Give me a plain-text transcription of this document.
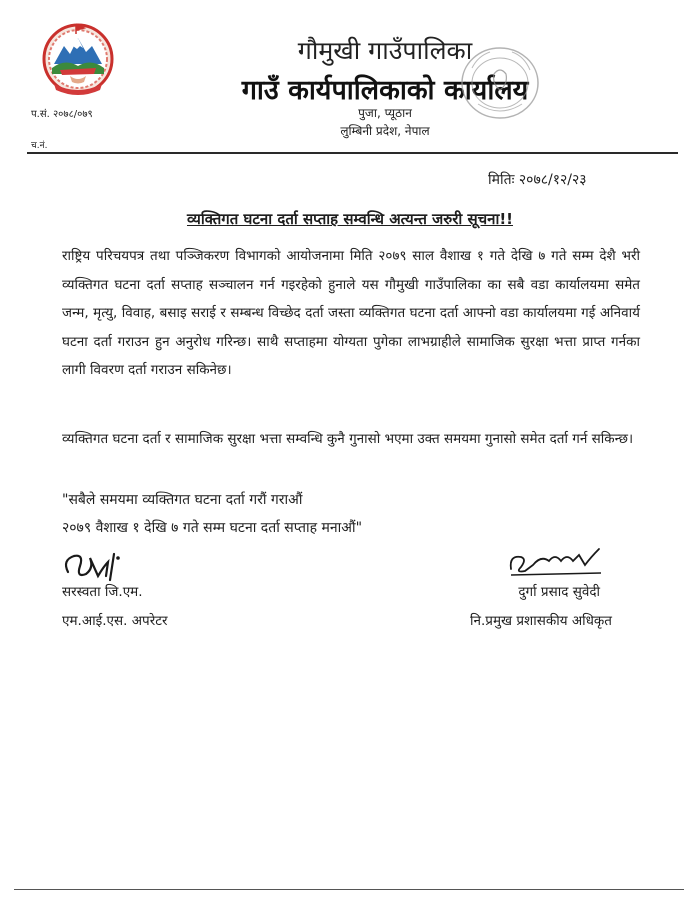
गौमुखी गाउँपालिका
गाउँ कार्यपालिकाको कार्यालय
पुजा, प्यूठान
लुम्बिनी प्रदेश, नेपाल
प.सं. २०७८/०७९
च.नं.
मितिः २०७८/१२/२३
व्यक्तिगत घटना दर्ता सप्ताह सम्वन्धि अत्यन्त जरुरी सूचना!!
राष्ट्रिय परिचयपत्र तथा पञ्जिकरण विभागको आयोजनामा मिति २०७९ साल वैशाख १ गते देखि ७ गते सम्म देशै भरी व्यक्तिगत घटना दर्ता सप्ताह सञ्चालन गर्न गइरहेको हुनाले यस गौमुखी गाउँपालिका का सबै वडा कार्यालयमा समेत जन्म, मृत्यु, विवाह, बसाइ सराई र सम्बन्ध विच्छेद दर्ता जस्ता व्यक्तिगत घटना दर्ता आफ्नो वडा कार्यालयमा गई अनिवार्य घटना दर्ता गराउन हुन अनुरोध गरिन्छ। साथै सप्ताहमा योग्यता पुगेका लाभग्राहीले सामाजिक सुरक्षा भत्ता प्राप्त गर्नका लागी विवरण दर्ता गराउन सकिनेछ।
व्यक्तिगत घटना दर्ता र सामाजिक सुरक्षा भत्ता सम्वन्धि कुनै गुनासो भएमा उक्त समयमा गुनासो समेत दर्ता गर्न सकिन्छ।
"सबैले समयमा व्यक्तिगत घटना दर्ता गरौं गराऔं
२०७९ वैशाख १ देखि ७ गते सम्म घटना दर्ता सप्ताह मनाऔं"
सरस्वता जि.एम.
एम.आई.एस. अपरेटर
दुर्गा प्रसाद सुवेदी
नि.प्रमुख प्रशासकीय अधिकृत
